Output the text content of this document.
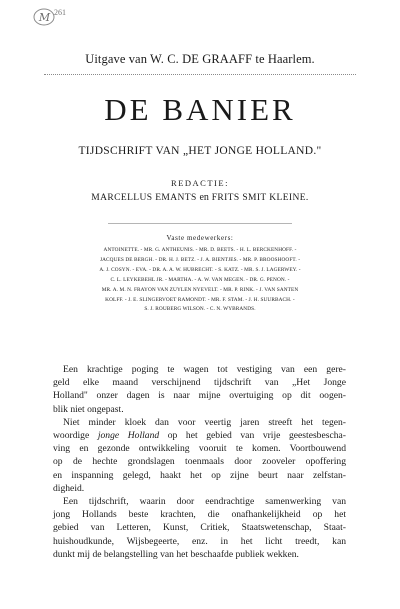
M 261
Uitgave van W. C. DE GRAAFF te Haarlem.
DE BANIER
TIJDSCHRIFT VAN „HET JONGE HOLLAND."
REDACTIE:
MARCELLUS EMANTS en FRITS SMIT KLEINE.
Vaste medewerkers:
ANTOINETTE. - MR. G. ANTHEUNIS. - MR. D. BEETS. - H. L. BERCKENHOFF. -
JACQUES DE BERGH. - DR. H. J. BETZ. - J. A. BIENTJES. - MR. P. BROOSHOOFT. -
A. J. COSYN. - EVA. - DR. A. A. W. HUBRECHT. - S. KATZ. - MR. S. J. LAGERWEY. -
C. L. LEYKEBEHL JR. - MARTHA. - A. W. VAN MEGEN. - DR. G. PENON. -
MR. A. M. N. FRAYON VAN ZUYLEN NYEVELT. - MR. P. RINK. - J. VAN SANTEN
KOLFF. - J. E. SLINGERVOET RAMONDT. - MR. F. STAM. - J. H. SUURBACH. -
S. J. ROUBERG WILSON. - C. N. WYBRANDS.
Een krachtige poging te wagen tot vestiging van een gere-
geld elke maand verschijnend tijdschrift van „Het Jonge
Holland" onzer dagen is naar mijne overtuiging op dit oogen-
blik niet ongepast.
Niet minder kloek dan voor veertig jaren streeft het tegen-
woordige jonge Holland op het gebied van vrije geestesbescha-
ving en gezonde ontwikkeling vooruit te komen. Voortbouwend
op de hechte grondslagen toenmaals door zooveler opoffering
en inspanning gelegd, haakt het op zijne beurt naar zelfstan-
digheid.
Een tijdschrift, waarin door eendrachtige samenwerking van
jong Hollands beste krachten, die onafhankelijkheid op het
gebied van Letteren, Kunst, Critiek, Staatswetenschap, Staat-
huishoudkunde, Wijsbegeerte, enz. in het licht treedt, kan
dunkt mij de belangstelling van het beschaafde publiek wekken.
